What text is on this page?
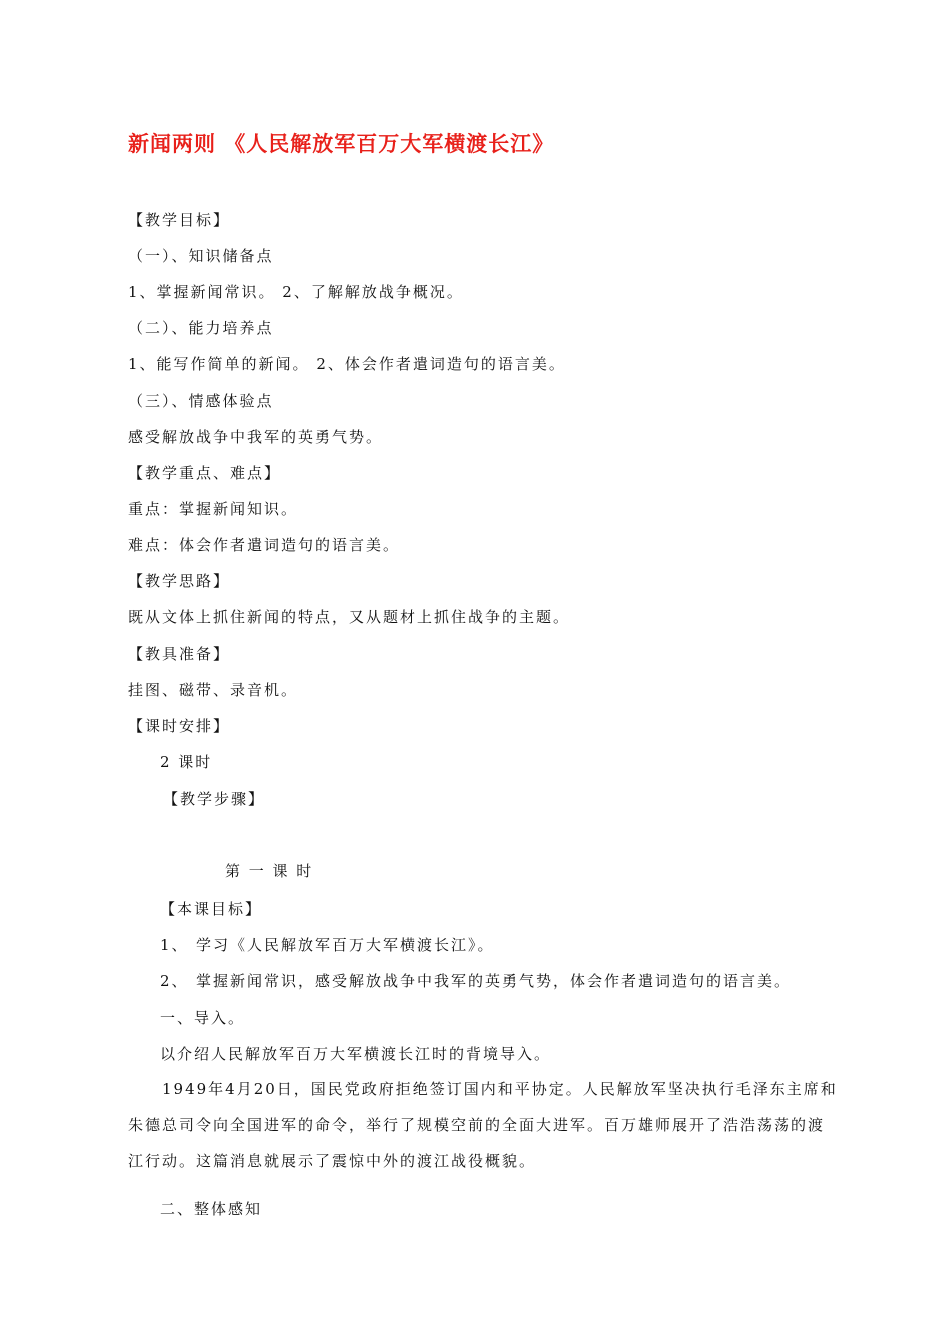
新闻两则 《人民解放军百万大军横渡长江》
【教学目标】
（一）、知识储备点
1、掌握新闻常识。 2、了解解放战争概况。
（二）、能力培养点
1、能写作简单的新闻。 2、体会作者遣词造句的语言美。
（三）、情感体验点
感受解放战争中我军的英勇气势。
【教学重点、难点】
重点：掌握新闻知识。
难点：体会作者遣词造句的语言美。
【教学思路】
既从文体上抓住新闻的特点，又从题材上抓住战争的主题。
【教具准备】
挂图、磁带、录音机。
【课时安排】
2 课时
【教学步骤】
第 一 课 时
【本课目标】
1、 学习《人民解放军百万大军横渡长江》。
2、 掌握新闻常识，感受解放战争中我军的英勇气势，体会作者遣词造句的语言美。
一、导入。
以介绍人民解放军百万大军横渡长江时的背境导入。
1949年4月20日，国民党政府拒绝签订国内和平协定。人民解放军坚决执行毛泽东主席和朱德总司令向全国进军的命令，举行了规模空前的全面大进军。百万雄师展开了浩浩荡荡的渡江行动。这篇消息就展示了震惊中外的渡江战役概貌。
二、整体感知
